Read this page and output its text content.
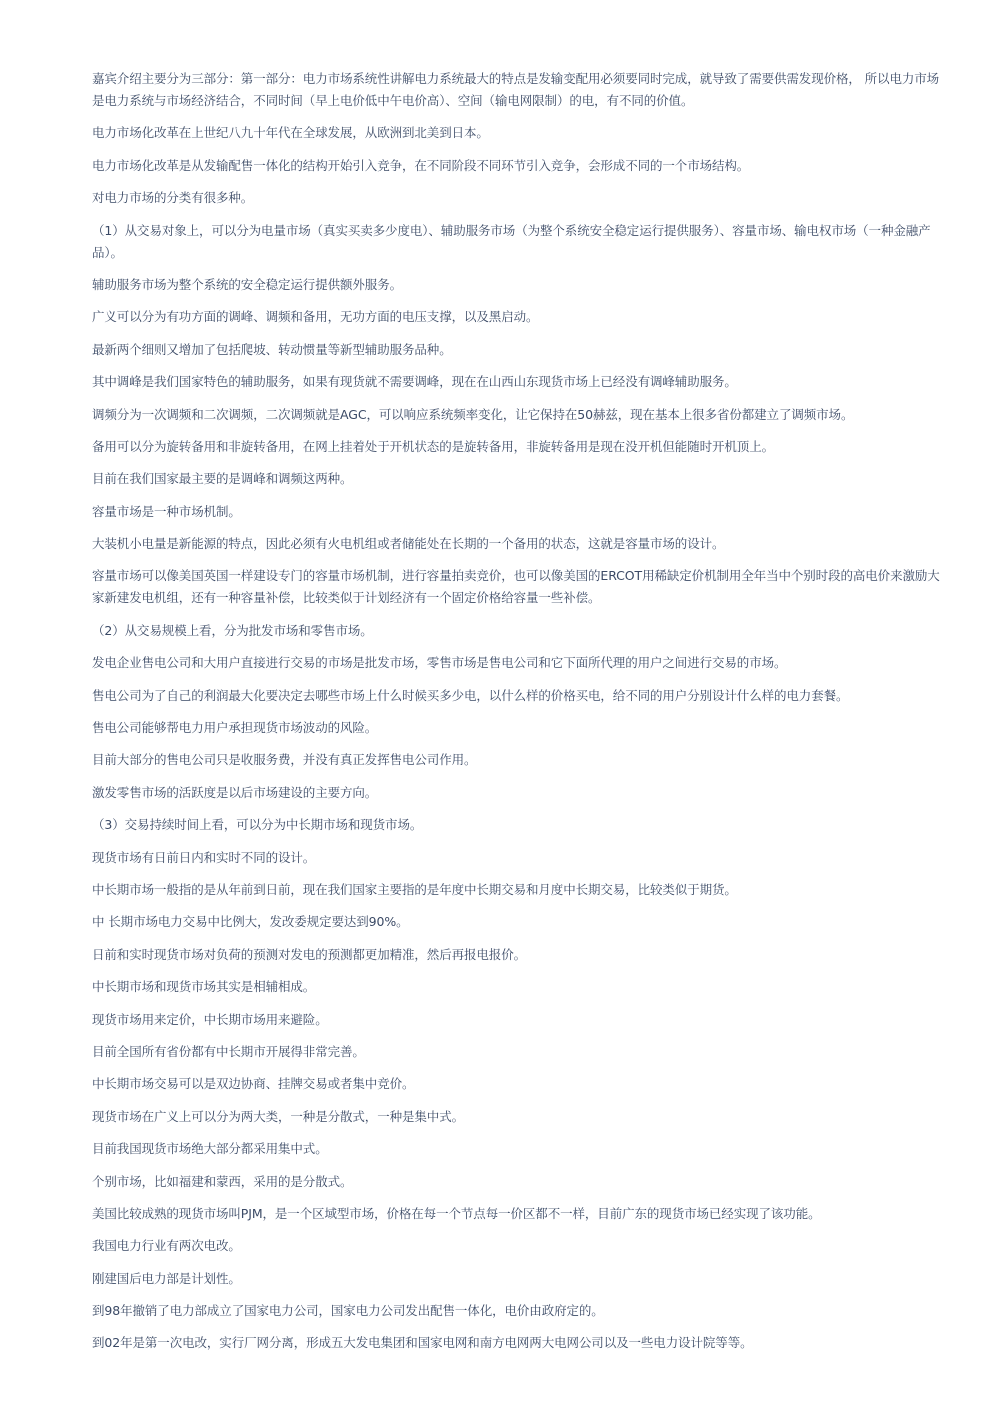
嘉宾介绍主要分为三部分：第一部分：电力市场系统性讲解电力系统最大的特点是发输变配用必须要同时完成，就导致了需要供需发现价格， 所以电力市场是电力系统与市场经济结合，不同时间（早上电价低中午电价高）、空间（输电网限制）的电，有不同的价值。

电力市场化改革在上世纪八九十年代在全球发展，从欧洲到北美到日本。

电力市场化改革是从发输配售一体化的结构开始引入竞争，在不同阶段不同环节引入竞争，会形成不同的一个市场结构。

对电力市场的分类有很多种。

（1）从交易对象上，可以分为电量市场（真实买卖多少度电）、辅助服务市场（为整个系统安全稳定运行提供服务）、容量市场、输电权市场（一种金融产品）。

辅助服务市场为整个系统的安全稳定运行提供额外服务。

广义可以分为有功方面的调峰、调频和备用，无功方面的电压支撑，以及黑启动。

最新两个细则又增加了包括爬坡、转动惯量等新型辅助服务品种。

其中调峰是我们国家特色的辅助服务，如果有现货就不需要调峰，现在在山西山东现货市场上已经没有调峰辅助服务。

调频分为一次调频和二次调频，二次调频就是AGC，可以响应系统频率变化，让它保持在50赫兹，现在基本上很多省份都建立了调频市场。

备用可以分为旋转备用和非旋转备用，在网上挂着处于开机状态的是旋转备用，非旋转备用是现在没开机但能随时开机顶上。

目前在我们国家最主要的是调峰和调频这两种。

容量市场是一种市场机制。

大装机小电量是新能源的特点，因此必须有火电机组或者储能处在长期的一个备用的状态，这就是容量市场的设计。

容量市场可以像美国英国一样建设专门的容量市场机制，进行容量拍卖竞价，也可以像美国的ERCOT用稀缺定价机制用全年当中个别时段的高电价来激励大家新建发电机组，还有一种容量补偿，比较类似于计划经济有一个固定价格给容量一些补偿。

（2）从交易规模上看，分为批发市场和零售市场。

发电企业售电公司和大用户直接进行交易的市场是批发市场，零售市场是售电公司和它下面所代理的用户之间进行交易的市场。

售电公司为了自己的利润最大化要决定去哪些市场上什么时候买多少电，以什么样的价格买电，给不同的用户分别设计什么样的电力套餐。

售电公司能够帮电力用户承担现货市场波动的风险。

目前大部分的售电公司只是收服务费，并没有真正发挥售电公司作用。

激发零售市场的活跃度是以后市场建设的主要方向。

（3）交易持续时间上看，可以分为中长期市场和现货市场。

现货市场有日前日内和实时不同的设计。

中长期市场一般指的是从年前到日前，现在我们国家主要指的是年度中长期交易和月度中长期交易，比较类似于期货。

中 长期市场电力交易中比例大，发改委规定要达到90%。

日前和实时现货市场对负荷的预测对发电的预测都更加精准，然后再报电报价。

中长期市场和现货市场其实是相辅相成。

现货市场用来定价，中长期市场用来避险。

目前全国所有省份都有中长期市开展得非常完善。

中长期市场交易可以是双边协商、挂牌交易或者集中竞价。

现货市场在广义上可以分为两大类，一种是分散式，一种是集中式。

目前我国现货市场绝大部分都采用集中式。

个别市场，比如福建和蒙西，采用的是分散式。

美国比较成熟的现货市场叫PJM，是一个区域型市场，价格在每一个节点每一价区都不一样，目前广东的现货市场已经实现了该功能。

我国电力行业有两次电改。

刚建国后电力部是计划性。

到98年撤销了电力部成立了国家电力公司，国家电力公司发出配售一体化，电价由政府定的。

到02年是第一次电改，实行厂网分离，形成五大发电集团和国家电网和南方电网两大电网公司以及一些电力设计院等等。
